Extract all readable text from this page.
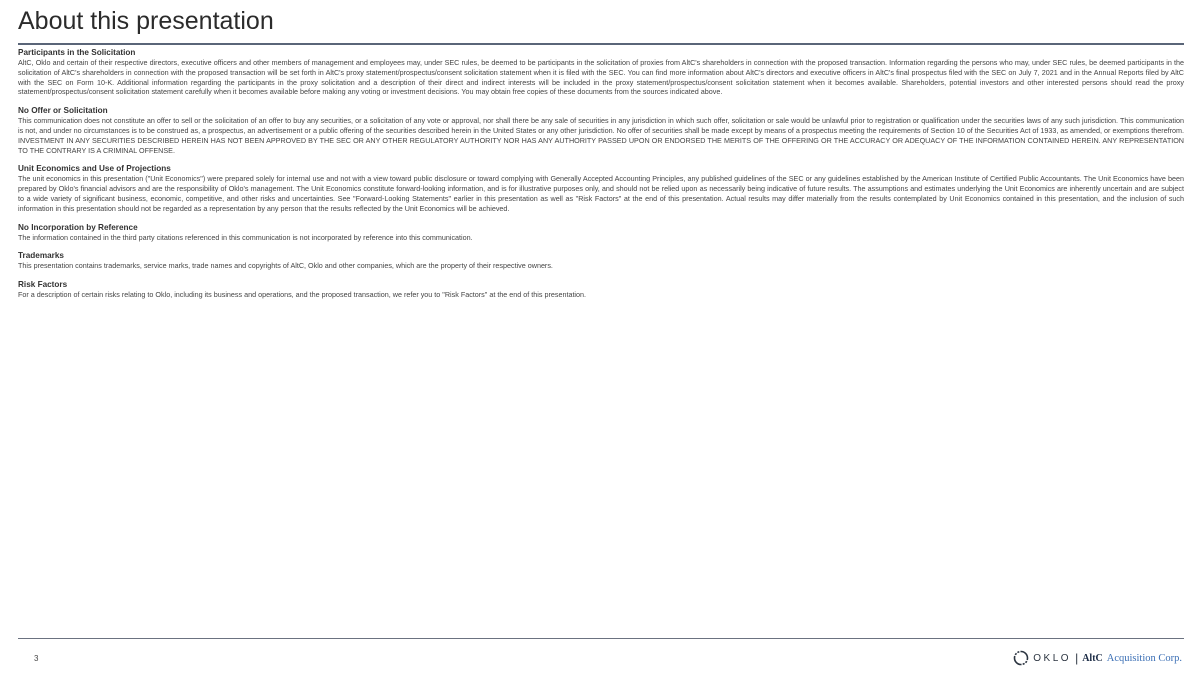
About this presentation
Participants in the Solicitation
AltC, Oklo and certain of their respective directors, executive officers and other members of management and employees may, under SEC rules, be deemed to be participants in the solicitation of proxies from AltC's shareholders in connection with the proposed transaction. Information regarding the persons who may, under SEC rules, be deemed participants in the solicitation of AltC's shareholders in connection with the proposed transaction will be set forth in AltC's proxy statement/prospectus/consent solicitation statement when it is filed with the SEC. You can find more information about AltC's directors and executive officers in AltC's final prospectus filed with the SEC on July 7, 2021 and in the Annual Reports filed by AltC with the SEC on Form 10-K. Additional information regarding the participants in the proxy solicitation and a description of their direct and indirect interests will be included in the proxy statement/prospectus/consent solicitation statement when it becomes available. Shareholders, potential investors and other interested persons should read the proxy statement/prospectus/consent solicitation statement carefully when it becomes available before making any voting or investment decisions. You may obtain free copies of these documents from the sources indicated above.
No Offer or Solicitation
This communication does not constitute an offer to sell or the solicitation of an offer to buy any securities, or a solicitation of any vote or approval, nor shall there be any sale of securities in any jurisdiction in which such offer, solicitation or sale would be unlawful prior to registration or qualification under the securities laws of any such jurisdiction. This communication is not, and under no circumstances is to be construed as, a prospectus, an advertisement or a public offering of the securities described herein in the United States or any other jurisdiction. No offer of securities shall be made except by means of a prospectus meeting the requirements of Section 10 of the Securities Act of 1933, as amended, or exemptions therefrom. INVESTMENT IN ANY SECURITIES DESCRIBED HEREIN HAS NOT BEEN APPROVED BY THE SEC OR ANY OTHER REGULATORY AUTHORITY NOR HAS ANY AUTHORITY PASSED UPON OR ENDORSED THE MERITS OF THE OFFERING OR THE ACCURACY OR ADEQUACY OF THE INFORMATION CONTAINED HEREIN. ANY REPRESENTATION TO THE CONTRARY IS A CRIMINAL OFFENSE.
Unit Economics and Use of Projections
The unit economics in this presentation ("Unit Economics") were prepared solely for internal use and not with a view toward public disclosure or toward complying with Generally Accepted Accounting Principles, any published guidelines of the SEC or any guidelines established by the American Institute of Certified Public Accountants. The Unit Economics have been prepared by Oklo's financial advisors and are the responsibility of Oklo's management. The Unit Economics constitute forward-looking information, and is for illustrative purposes only, and should not be relied upon as necessarily being indicative of future results. The assumptions and estimates underlying the Unit Economics are inherently uncertain and are subject to a wide variety of significant business, economic, competitive, and other risks and uncertainties. See "Forward-Looking Statements" earlier in this presentation as well as "Risk Factors" at the end of this presentation. Actual results may differ materially from the results contemplated by Unit Economics contained in this presentation, and the inclusion of such information in this presentation should not be regarded as a representation by any person that the results reflected by the Unit Economics will be achieved.
No Incorporation by Reference
The information contained in the third party citations referenced in this communication is not incorporated by reference into this communication.
Trademarks
This presentation contains trademarks, service marks, trade names and copyrights of AltC, Oklo and other companies, which are the property of their respective owners.
Risk Factors
For a description of certain risks relating to Oklo, including its business and operations, and the proposed transaction, we refer you to "Risk Factors" at the end of this presentation.
3	OKLO | AltC Acquisition Corp.
